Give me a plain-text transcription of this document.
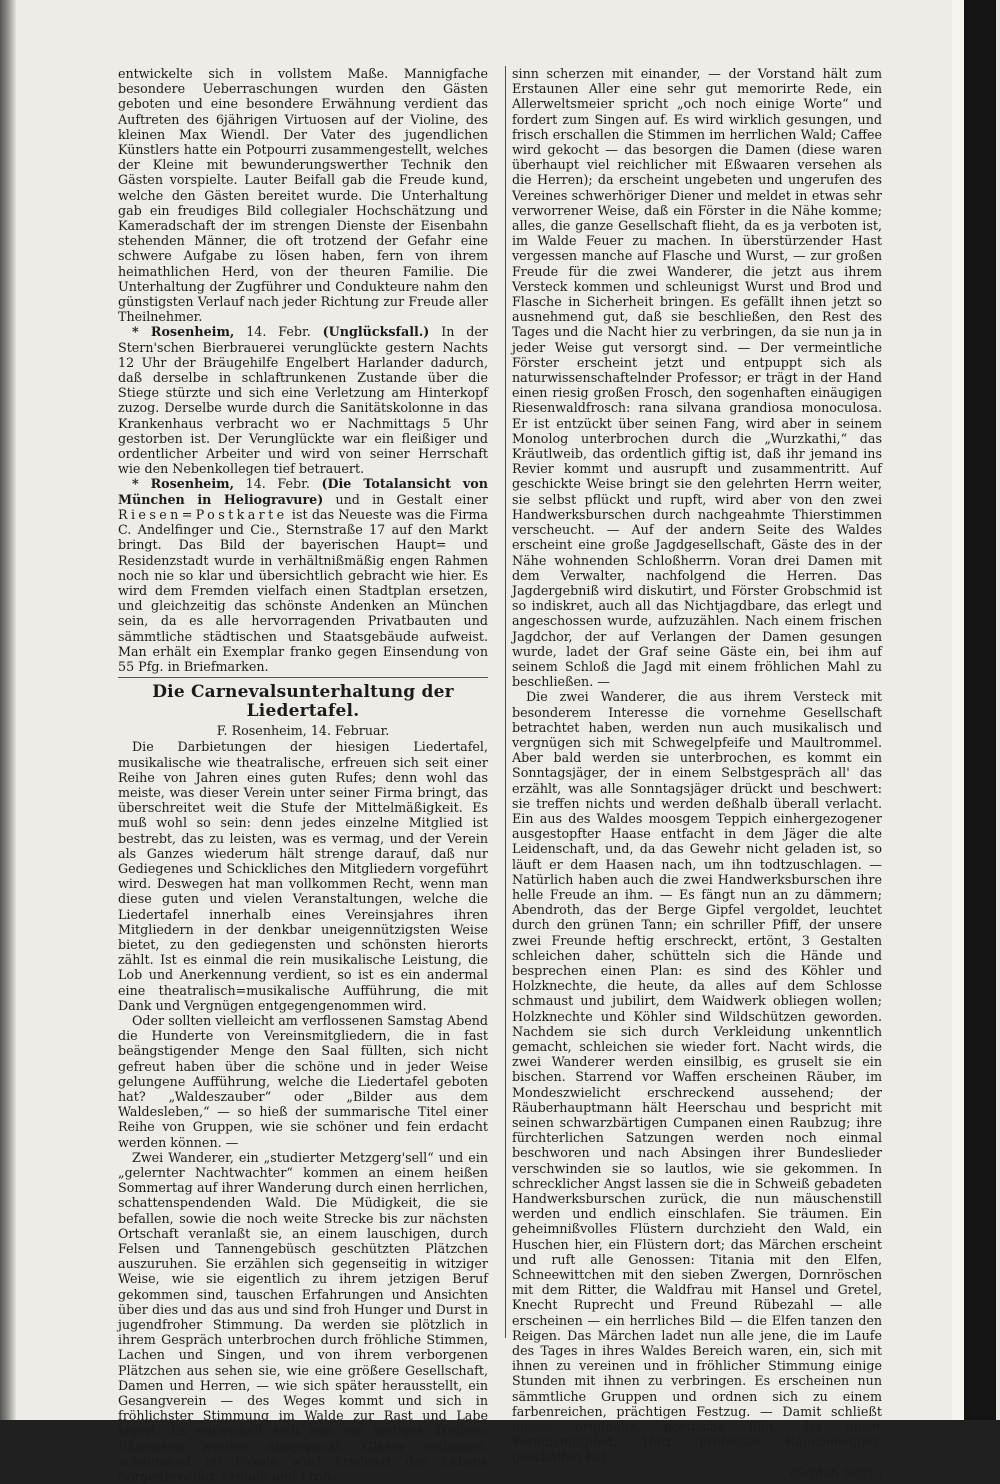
entwickelte sich in vollstem Maße. Mannigfache besondere Ueberraschungen wurden den Gästen geboten und eine besondere Erwähnung verdient das Auftreten des 6jährigen Virtuosen auf der Violine, des kleinen Max Wiendl. Der Vater des jugendlichen Künstlers hatte ein Potpourri zusammengestellt, welches der Kleine mit bewunderungswerther Technik den Gästen vorspielte. Lauter Beifall gab die Freude kund, welche den Gästen bereitet wurde. Die Unterhaltung gab ein freudiges Bild collegialer Hochschätzung und Kameradschaft der im strengen Dienste der Eisenbahn stehenden Männer, die oft trotzend der Gefahr eine schwere Aufgabe zu lösen haben, fern von ihrem heimathlichen Herd, von der theuren Familie. Die Unterhaltung der Zugführer und Condukteure nahm den günstigsten Verlauf nach jeder Richtung zur Freude aller Theilnehmer.

* Rosenheim, 14. Febr. (Unglücksfall.) In der Stern'schen Bierbrauerei verunglückte gestern Nachts 12 Uhr der Bräugehilfe Engelbert Harlander dadurch, daß derselbe in schlaftrunkenen Zustande über die Stiege stürzte und sich eine Verletzung am Hinterkopf zuzog. Derselbe wurde durch die Sanitätskolonne in das Krankenhaus verbracht wo er Nachmittags 5 Uhr gestorben ist. Der Verunglückte war ein fleißiger und ordentlicher Arbeiter und wird von seiner Herrschaft wie den Nebenkollegen tief betrauert.

* Rosenheim, 14. Febr. (Die Totalansicht von München in Heliogravure) und in Gestalt einer Riesen=Postkarte ist das Neueste was die Firma C. Andelfinger und Cie., Sternstraße 17 auf den Markt bringt. Das Bild der bayerischen Haupt= und Residenzstadt wurde in verhältnißmäßig engen Rahmen noch nie so klar und übersichtlich gebracht wie hier. Es wird dem Fremden vielfach einen Stadtplan ersetzen, und gleichzeitig das schönste Andenken an München sein, da es alle hervorragenden Privatbauten und sämmtliche städtischen und Staatsgebäude aufweist. Man erhält ein Exemplar franko gegen Einsendung von 55 Pfg. in Briefmarken.

Die Carnevalsunterhaltung der Liedertafel.
F. Rosenheim, 14. Februar.

Die Darbietungen der hiesigen Liedertafel, musikalische wie theatralische, erfreuen sich seit einer Reihe von Jahren eines guten Rufes; denn wohl das meiste, was dieser Verein unter seiner Firma bringt, das überschreitet weit die Stufe der Mittelmäßigkeit. Es muß wohl so sein: denn jedes einzelne Mitglied ist bestrebt, das zu leisten, was es vermag, und der Verein als Ganzes wiederum hält strenge darauf, daß nur Gediegenes und Schickliches den Mitgliedern vorgeführt wird. Deswegen hat man vollkommen Recht, wenn man diese guten und vielen Veranstaltungen, welche die Liedertafel innerhalb eines Vereinsjahres ihren Mitgliedern in der denkbar uneigennützigsten Weise bietet, zu den gediegensten und schönsten hierorts zählt. Ist es einmal die rein musikalische Leistung, die Lob und Anerkennung verdient, so ist es ein andermal eine theatralisch=musikalische Aufführung, die mit Dank und Vergnügen entgegengenommen wird.

Oder sollten vielleicht am verflossenen Samstag Abend die Hunderte von Vereinsmitgliedern, die in fast beängstigender Menge den Saal füllten, sich nicht gefreut haben über die schöne und in jeder Weise gelungene Aufführung, welche die Liedertafel geboten hat? „Waldeszauber“ oder „Bilder aus dem Waldesleben,“ — so hieß der summarische Titel einer Reihe von Gruppen, wie sie schöner und fein erdacht werden können. —

Zwei Wanderer, ein „studierter Metzgerg'sell“ und ein „gelernter Nachtwachter“ kommen an einem heißen Sommertag auf ihrer Wanderung durch einen herrlichen, schattenspendenden Wald. Die Müdigkeit, die sie befallen, sowie die noch weite Strecke bis zur nächsten Ortschaft veranlaßt sie, an einem lauschigen, durch Felsen und Tannengebüsch geschützten Plätzchen auszuruhen. Sie erzählen sich gegenseitig in witziger Weise, wie sie eigentlich zu ihrem jetzigen Beruf gekommen sind, tauschen Erfahrungen und Ansichten über dies und das aus und sind froh Hunger und Durst in jugendfroher Stimmung. Da werden sie plötzlich in ihrem Gespräch unterbrochen durch fröhliche Stimmen, Lachen und Singen, und von ihrem verborgenen Plätzchen aus sehen sie, wie eine größere Gesellschaft, Damen und Herren, — wie sich später herausstellt, ein Gesangverein — des Weges kommt und sich in fröhlichster Stimmung im Walde zur Rast und Labe lagert. Es entwickelt sich nun ein lustiges Treiben: Eßwaaren werden ausgepackt, Gläser erklingen, schäumend im Pokale wird kredenzt des Lebens Sorgenbrecher, Freude und Froh-

sinn scherzen mit einander, — der Vorstand hält zum Erstaunen Aller eine sehr gut memorirte Rede, ein Allerweltsmeier spricht „och noch einige Worte“ und fordert zum Singen auf. Es wird wirklich gesungen, und frisch erschallen die Stimmen im herrlichen Wald; Caffee wird gekocht — das besorgen die Damen (diese waren überhaupt viel reichlicher mit Eßwaaren versehen als die Herren); da erscheint ungebeten und ungerufen des Vereines schwerhöriger Diener und meldet in etwas sehr verworrener Weise, daß ein Förster in die Nähe komme; alles, die ganze Gesellschaft flieht, da es ja verboten ist, im Walde Feuer zu machen. In überstürzender Hast vergessen manche auf Flasche und Wurst, — zur großen Freude für die zwei Wanderer, die jetzt aus ihrem Versteck kommen und schleunigst Wurst und Brod und Flasche in Sicherheit bringen. Es gefällt ihnen jetzt so ausnehmend gut, daß sie beschließen, den Rest des Tages und die Nacht hier zu verbringen, da sie nun ja in jeder Weise gut versorgt sind. — Der vermeintliche Förster erscheint jetzt und entpuppt sich als naturwissenschaftelnder Professor; er trägt in der Hand einen riesig großen Frosch, den sogenhaften einäugigen Riesenwaldfrosch: rana silvana grandiosa monoculosa. Er ist entzückt über seinen Fang, wird aber in seinem Monolog unterbrochen durch die „Wurzkathi,“ das Kräutlweib, das ordentlich giftig ist, daß ihr jemand ins Revier kommt und ausrupft und zusammentritt. Auf geschickte Weise bringt sie den gelehrten Herrn weiter, sie selbst pflückt und rupft, wird aber von den zwei Handwerksburschen durch nachgeahmte Thierstimmen verscheucht. — Auf der andern Seite des Waldes erscheint eine große Jagdgesellschaft, Gäste des in der Nähe wohnenden Schloßherrn. Voran drei Damen mit dem Verwalter, nachfolgend die Herren. Das Jagdergebniß wird diskutirt, und Förster Grobschmid ist so indiskret, auch all das Nichtjagdbare, das erlegt und angeschossen wurde, aufzuzählen. Nach einem frischen Jagdchor, der auf Verlangen der Damen gesungen wurde, ladet der Graf seine Gäste ein, bei ihm auf seinem Schloß die Jagd mit einem fröhlichen Mahl zu beschließen. —

Die zwei Wanderer, die aus ihrem Versteck mit besonderem Interesse die vornehme Gesellschaft betrachtet haben, werden nun auch musikalisch und vergnügen sich mit Schwegelpfeife und Maultrommel. Aber bald werden sie unterbrochen, es kommt ein Sonntagsjäger, der in einem Selbstgespräch all' das erzählt, was alle Sonntagsjäger drückt und beschwert: sie treffen nichts und werden deßhalb überall verlacht. Ein aus des Waldes moosgem Teppich einhergezogener ausgestopfter Haase entfacht in dem Jäger die alte Leidenschaft, und, da das Gewehr nicht geladen ist, so läuft er dem Haasen nach, um ihn todtzuschlagen. — Natürlich haben auch die zwei Handwerksburschen ihre helle Freude an ihm. — Es fängt nun an zu dämmern; Abendroth, das der Berge Gipfel vergoldet, leuchtet durch den grünen Tann; ein schriller Pfiff, der unsere zwei Freunde heftig erschreckt, ertönt, 3 Gestalten schleichen daher, schütteln sich die Hände und besprechen einen Plan: es sind des Köhler und Holzknechte, die heute, da alles auf dem Schlosse schmaust und jubilirt, dem Waidwerk obliegen wollen; Holzknechte und Köhler sind Wildschützen geworden. Nachdem sie sich durch Verkleidung unkenntlich gemacht, schleichen sie wieder fort. Nacht wirds, die zwei Wanderer werden einsilbig, es gruselt sie ein bischen. Starrend vor Waffen erscheinen Räuber, im Mondeszwielicht erschreckend aussehend; der Räuberhauptmann hält Heerschau und bespricht mit seinen schwarzbärtigen Cumpanen einen Raubzug; ihre fürchterlichen Satzungen werden noch einmal beschworen und nach Absingen ihrer Bundeslieder verschwinden sie so lautlos, wie sie gekommen. In schrecklicher Angst lassen sie die in Schweiß gebadeten Handwerksburschen zurück, die nun mäuschenstill werden und endlich einschlafen. Sie träumen. Ein geheimnißvolles Flüstern durchzieht den Wald, ein Huschen hier, ein Flüstern dort; das Märchen erscheint und ruft alle Genossen: Titania mit den Elfen, Schneewittchen mit den sieben Zwergen, Dornröschen mit dem Ritter, die Waldfrau mit Hansel und Gretel, Knecht Ruprecht und Freund Rübezahl — alle erscheinen — ein herrliches Bild — die Elfen tanzen den Reigen. Das Märchen ladet nun alle jene, die im Laufe des Tages in ihres Waldes Bereich waren, ein, sich mit ihnen zu vereinen und in fröhlicher Stimmung einige Stunden mit ihnen zu verbringen. Es erscheinen nun sämmtliche Gruppen und ordnen sich zu einem farbenreichen, prächtigen Festzug. — Damit schließt dieses originelle, poetische Bild, das unser Vereinsmitglied, Herr Professor Rauchenegger, geschaffen hat.

(Schluß folgt.)
